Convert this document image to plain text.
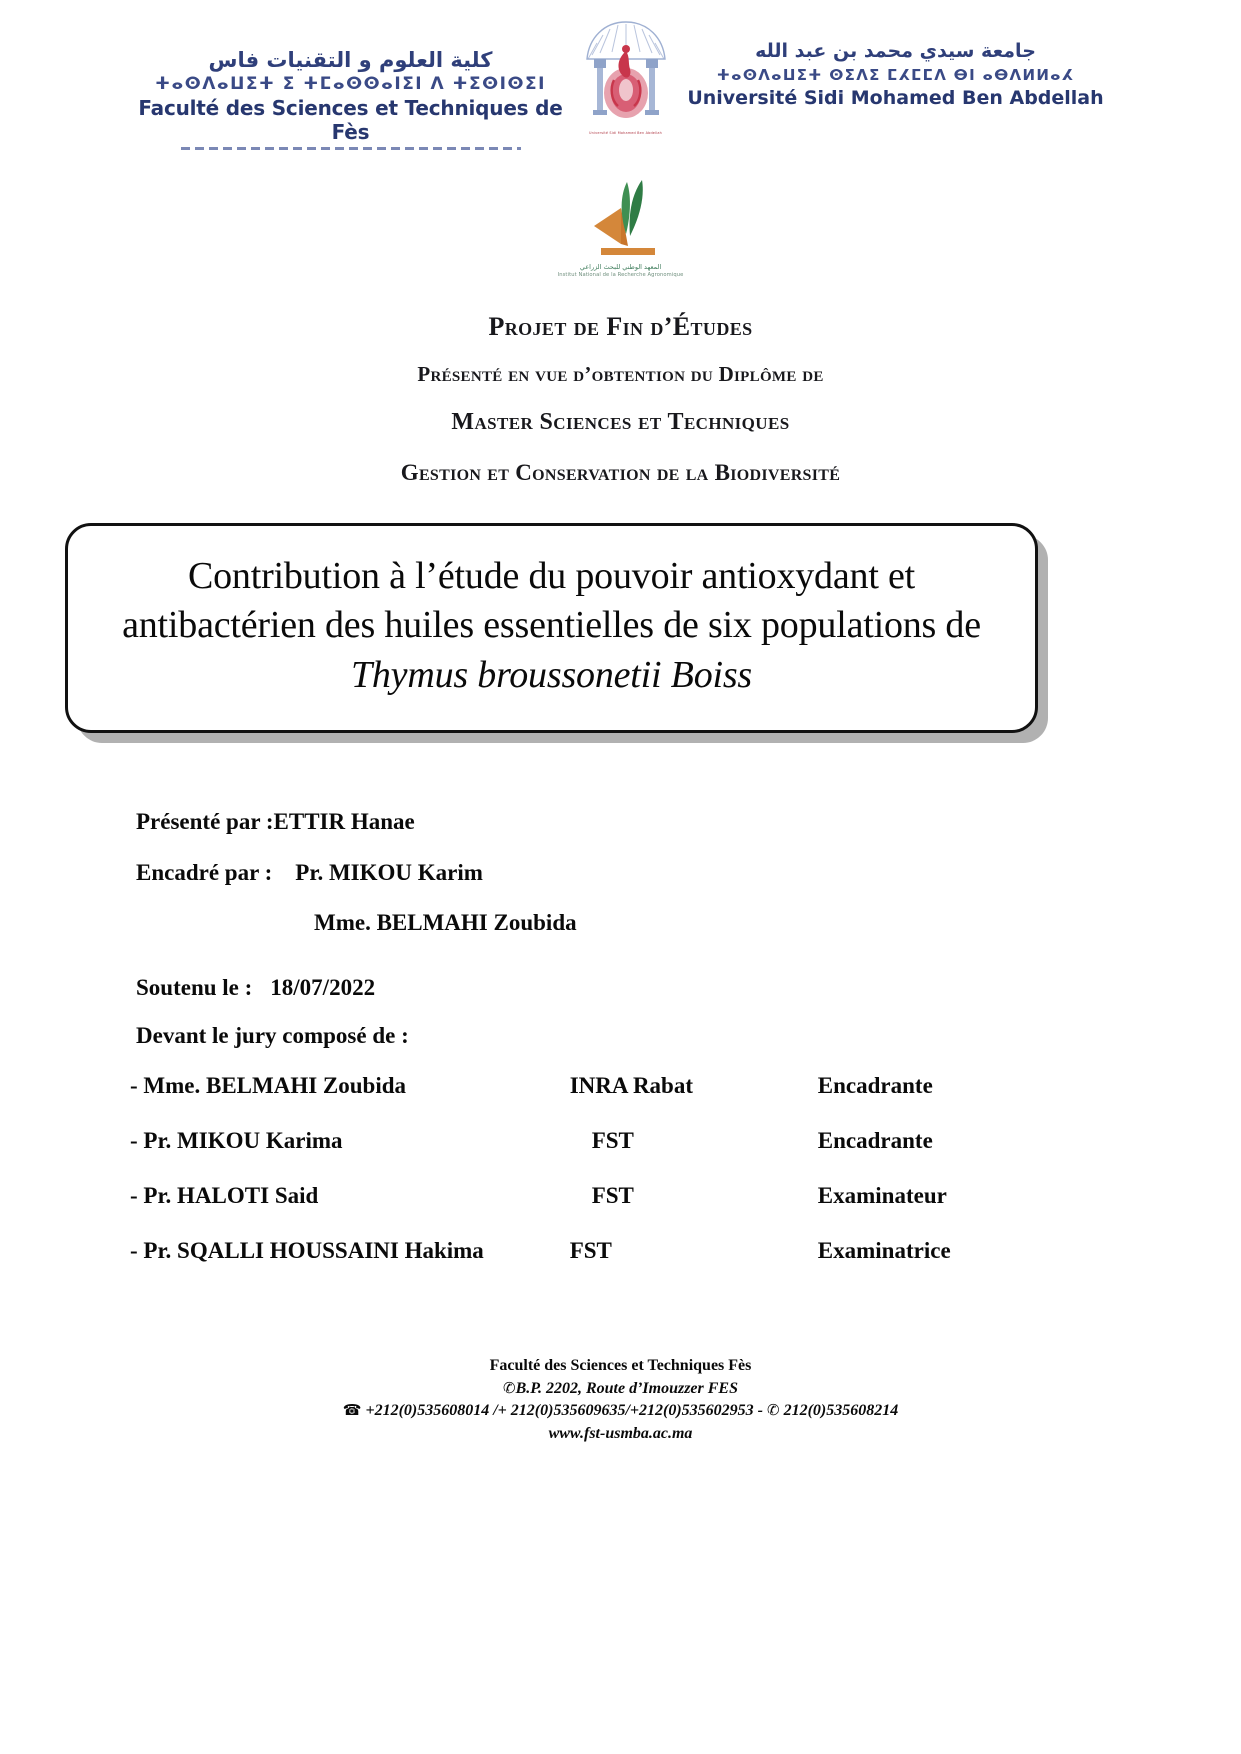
كلية العلوم و التقنيات فاس
ⵜⴰⵙⴷⴰⵡⵉⵜ ⵉ ⵜⵎⴰⵙⵙⴰⵏⵉⵏ ⴷ ⵜⵉⵙⵏⵙⵉⵏ
Faculté des Sciences et Techniques de Fès	Université Sidi Mohamed Ben Abdellah
جامعة سيدي محمد بن عبد الله
ⵜⴰⵙⴷⴰⵡⵉⵜ ⵙⵉⴷⵉ ⵎⵃⵎⵎⴷ ⴱⵏ ⴰⴱⴷⵍⵍⴰⵃ
Université Sidi Mohamed Ben Abdellah
المعهد الوطني للبحث الزراعي
Institut National de la Recherche Agronomique
Projet de Fin d’Études
Présenté en vue d’obtention du Diplôme de
Master Sciences et Techniques
Gestion et Conservation de la Biodiversité
Contribution à l’étude du pouvoir antioxydant et antibactérien des huiles essentielles de six populations de Thymus broussonetii Boiss
Présenté par :ETTIR Hanae
Encadré par : Pr. MIKOU Karim
Mme. BELMAHI Zoubida
Soutenu le : 18/07/2022
Devant le jury composé de :
- Mme. BELMAHI Zoubida	INRA Rabat	Encadrante
- Pr. MIKOU Karima	FST	Encadrante
- Pr. HALOTI Said	FST	Examinateur
- Pr. SQALLI HOUSSAINI Hakima	FST	Examinatrice
Faculté des Sciences et Techniques Fès
✆B.P. 2202, Route d’Imouzzer FES
☎ +212(0)535608014 /+ 212(0)535609635/+212(0)535602953 - ✆ 212(0)535608214
www.fst-usmba.ac.ma
